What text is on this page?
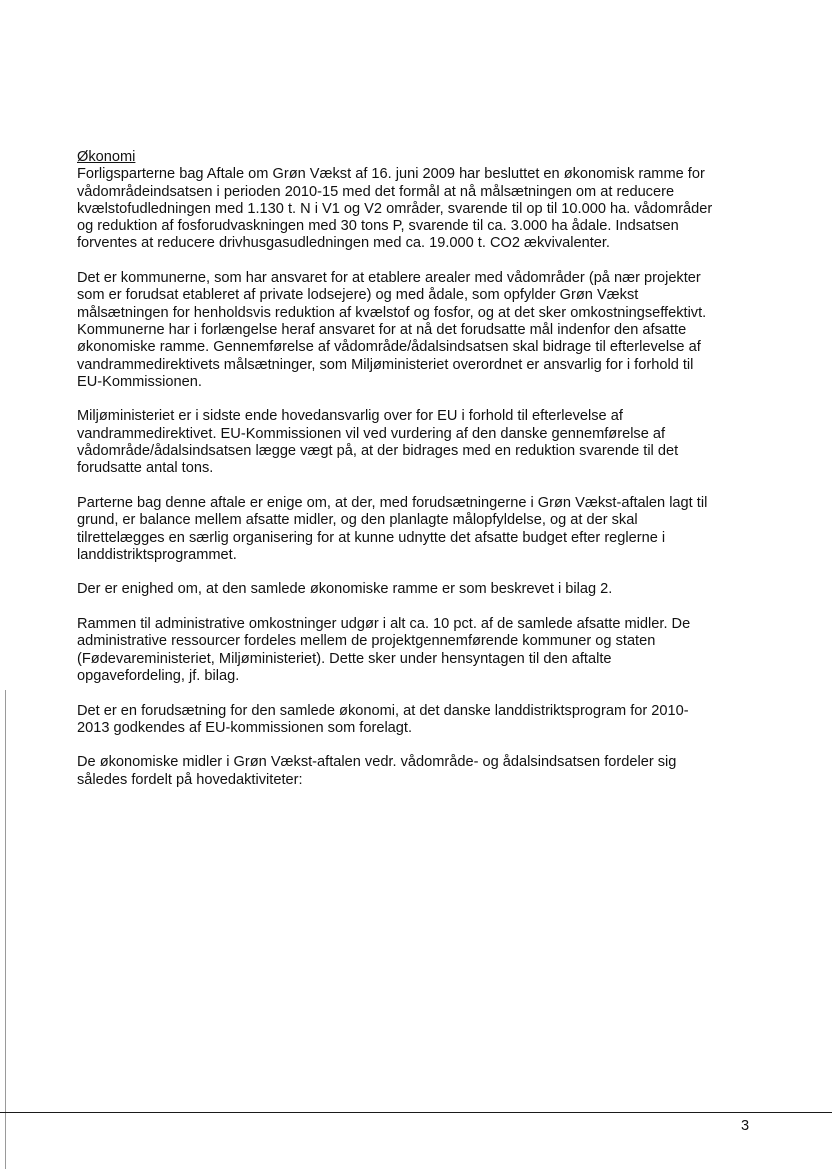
Økonomi
Forligsparterne bag Aftale om Grøn Vækst af 16. juni 2009 har besluttet en økonomisk ramme for
vådområdeindsatsen i perioden 2010-15 med det formål at nå målsætningen om at reducere
kvælstofudledningen med 1.130 t. N i V1 og V2 områder, svarende til op til 10.000 ha. vådområder
og reduktion af fosforudvaskningen med 30 tons P, svarende til ca. 3.000 ha ådale. Indsatsen
forventes at reducere drivhusgasudledningen med ca. 19.000 t. CO2 ækvivalenter.
Det er kommunerne, som har ansvaret for at etablere arealer med vådområder (på nær projekter
som er forudsat etableret af private lodsejere) og med ådale, som opfylder Grøn Vækst
målsætningen for henholdsvis reduktion af kvælstof og fosfor, og at det sker omkostningseffektivt.
Kommunerne har i forlængelse heraf ansvaret for at nå det forudsatte mål indenfor den afsatte
økonomiske ramme. Gennemførelse af vådområde/ådalsindsatsen skal bidrage til efterlevelse af
vandrammedirektivets målsætninger, som Miljøministeriet overordnet er ansvarlig for i forhold til
EU-Kommissionen.
Miljøministeriet er i sidste ende hovedansvarlig over for EU i forhold til efterlevelse af
vandrammedirektivet. EU-Kommissionen vil ved vurdering af den danske gennemførelse af
vådområde/ådalsindsatsen lægge vægt på, at der bidrages med en reduktion svarende til det
forudsatte antal tons.
Parterne bag denne aftale er enige om, at der, med forudsætningerne i Grøn Vækst-aftalen lagt til
grund, er balance mellem afsatte midler, og den planlagte målopfyldelse, og at der skal
tilrettelægges en særlig organisering for at kunne udnytte det afsatte budget efter reglerne i
landdistriktsprogrammet.
Der er enighed om, at den samlede økonomiske ramme er som beskrevet i bilag 2.
Rammen til administrative omkostninger udgør i alt ca. 10 pct. af de samlede afsatte midler. De
administrative ressourcer fordeles mellem de projektgennemførende kommuner og staten
(Fødevareministeriet, Miljøministeriet). Dette sker under hensyntagen til den aftalte
opgavefordeling, jf. bilag.
Det er en forudsætning for den samlede økonomi, at det danske landdistriktsprogram for 2010-
2013 godkendes af EU-kommissionen som forelagt.
De økonomiske midler i Grøn Vækst-aftalen vedr. vådområde- og ådalsindsatsen fordeler sig
således fordelt på hovedaktiviteter:
3
